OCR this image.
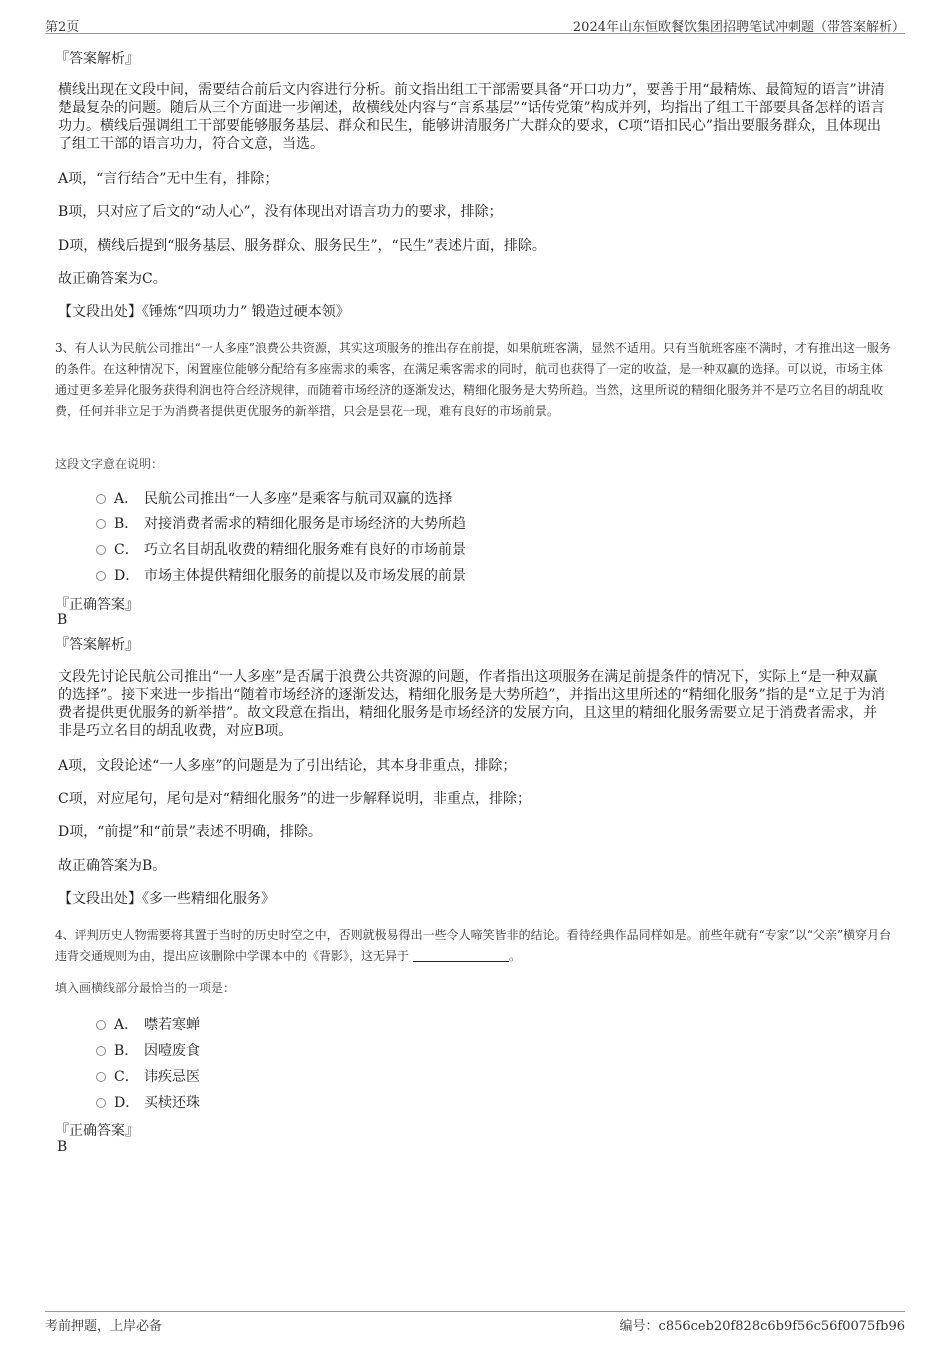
第2页	2024年山东恒欧餐饮集团招聘笔试冲刺题（带答案解析）
『答案解析』
横线出现在文段中间，需要结合前后文内容进行分析。前文指出组工干部需要具备“开口功力”，要善于用“最精炼、最简短的语言”讲清楚最复杂的问题。随后从三个方面进一步阐述，故横线处内容与“言系基层”“话传党策”构成并列，均指出了组工干部要具备怎样的语言功力。横线后强调组工干部要能够服务基层、群众和民生，能够讲清服务广大群众的要求，C项“语扣民心”指出要服务群众，且体现出了组工干部的语言功力，符合文意，当选。
A项，“言行结合”无中生有，排除；
B项，只对应了后文的“动人心”，没有体现出对语言功力的要求，排除；
D项，横线后提到“服务基层、服务群众、服务民生”，“民生”表述片面，排除。
故正确答案为C。
【文段出处】《锤炼“四项功力” 锻造过硬本领》
3、有人认为民航公司推出“一人多座”浪费公共资源，其实这项服务的推出存在前提，如果航班客满，显然不适用。只有当航班客座不满时，才有推出这一服务的条件。在这种情况下，闲置座位能够分配给有多座需求的乘客，在满足乘客需求的同时，航司也获得了一定的收益，是一种双赢的选择。可以说，市场主体通过更多差异化服务获得利润也符合经济规律，而随着市场经济的逐渐发达，精细化服务是大势所趋。当然，这里所说的精细化服务并不是巧立名目的胡乱收费，任何并非立足于为消费者提供更优服务的新举措，只会是昙花一现，难有良好的市场前景。
这段文字意在说明：
A． 民航公司推出“一人多座”是乘客与航司双赢的选择
B． 对接消费者需求的精细化服务是市场经济的大势所趋
C． 巧立名目胡乱收费的精细化服务难有良好的市场前景
D． 市场主体提供精细化服务的前提以及市场发展的前景
『正确答案』
B
『答案解析』
文段先讨论民航公司推出“一人多座”是否属于浪费公共资源的问题，作者指出这项服务在满足前提条件的情况下，实际上“是一种双赢的选择”。接下来进一步指出“随着市场经济的逐渐发达，精细化服务是大势所趋”，并指出这里所述的“精细化服务”指的是“立足于为消费者提供更优服务的新举措”。故文段意在指出，精细化服务是市场经济的发展方向，且这里的精细化服务需要立足于消费者需求，并非是巧立名目的胡乱收费，对应B项。
A项，文段论述“一人多座”的问题是为了引出结论，其本身非重点，排除；
C项，对应尾句，尾句是对“精细化服务”的进一步解释说明，非重点，排除；
D项，“前提”和“前景”表述不明确，排除。
故正确答案为B。
【文段出处】《多一些精细化服务》
4、评判历史人物需要将其置于当时的历史时空之中，否则就极易得出一些令人啼笑皆非的结论。看待经典作品同样如是。前些年就有“专家”以“父亲”横穿月台违背交通规则为由，提出应该删除中学课本中的《背影》，这无异于	。
填入画横线部分最恰当的一项是：
A． 噤若寒蝉
B． 因噎废食
C． 讳疾忌医
D． 买椟还珠
『正确答案』
B
考前押题，上岸必备	编号：c856ceb20f828c6b9f56c56f0075fb96
